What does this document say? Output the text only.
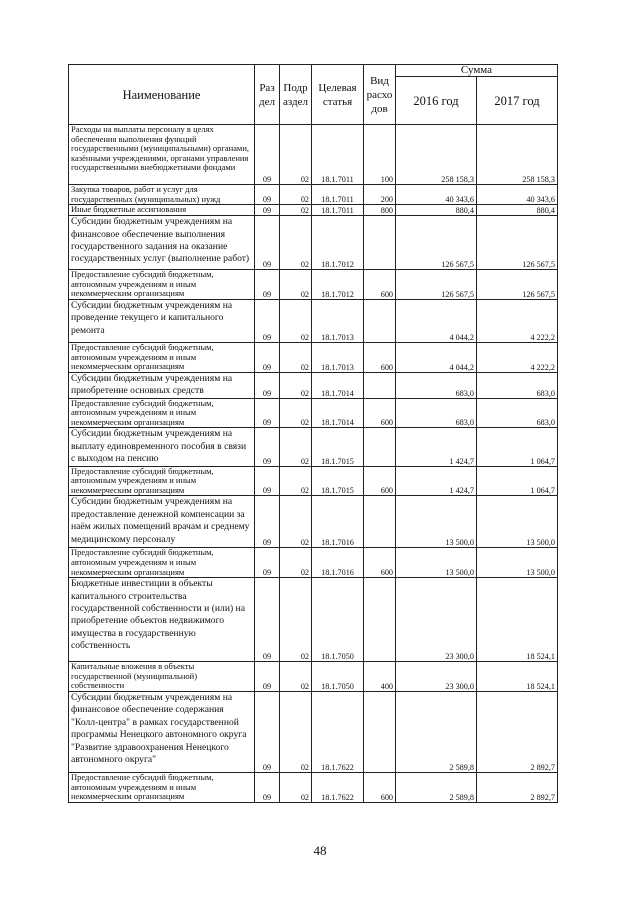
Наименование	Раз дел	Подр аздел	Целевая статья	Вид расхо дов	Сумма	
					2016 год	2017 год
Расходы на выплаты персоналу в целях обеспечения выполнения функций государственными (муниципальными) органами, казёнными учреждениями, органами управления государственными внебюджетными фондами	09	02	18.1.7011	100	258 158,3	258 158,3
Закупка товаров, работ и услуг для государственных (муниципальных) нужд	09	02	18.1.7011	200	40 343,6	40 343,6
Иные бюджетные ассигнования	09	02	18.1.7011	800	880,4	880,4
Субсидии бюджетным учреждениям на финансовое обеспечение выполнения государственного задания на оказание государственных услуг (выполнение работ)	09	02	18.1.7012		126 567,5	126 567,5
Предоставление субсидий бюджетным, автономным учреждениям и иным некоммерческим организациям	09	02	18.1.7012	600	126 567,5	126 567,5
Субсидии бюджетным учреждениям на проведение текущего и капитального ремонта	09	02	18.1.7013		4 044,2	4 222,2
Предоставление субсидий бюджетным, автономным учреждениям и иным некоммерческим организациям	09	02	18.1.7013	600	4 044,2	4 222,2
Субсидии бюджетным учреждениям на приобретение основных средств	09	02	18.1.7014		683,0	683,0
Предоставление субсидий бюджетным, автономным учреждениям и иным некоммерческим организациям	09	02	18.1.7014	600	683,0	683,0
Субсидии бюджетным учреждениям на выплату единовременного пособия в связи с выходом на пенсию	09	02	18.1.7015		1 424,7	1 064,7
Предоставление субсидий бюджетным, автономным учреждениям и иным некоммерческим организациям	09	02	18.1.7015	600	1 424,7	1 064,7
Субсидии бюджетным учреждениям на предоставление денежной компенсации за наём жилых помещений врачам и среднему медицинскому персоналу	09	02	18.1.7016		13 500,0	13 500,0
Предоставление субсидий бюджетным, автономным учреждениям и иным некоммерческим организациям	09	02	18.1.7016	600	13 500,0	13 500,0
Бюджетные инвестиции в объекты капитального строительства государственной собственности и (или) на приобретение объектов недвижимого имущества в государственную собственность	09	02	18.1.7050		23 300,0	18 524,1
Капитальные вложения в объекты государственной (муниципальной) собственности	09	02	18.1.7050	400	23 300,0	18 524,1
Субсидии бюджетным учреждениям на финансовое обеспечение содержания "Колл-центра" в рамках государственной программы Ненецкого автономного округа "Развитие здравоохранения Ненецкого автономного округа"	09	02	18.1.7622		2 589,8	2 892,7
Предоставление субсидий бюджетным, автономным учреждениям и иным некоммерческим организациям	09	02	18.1.7622	600	2 589,8	2 892,7
48
